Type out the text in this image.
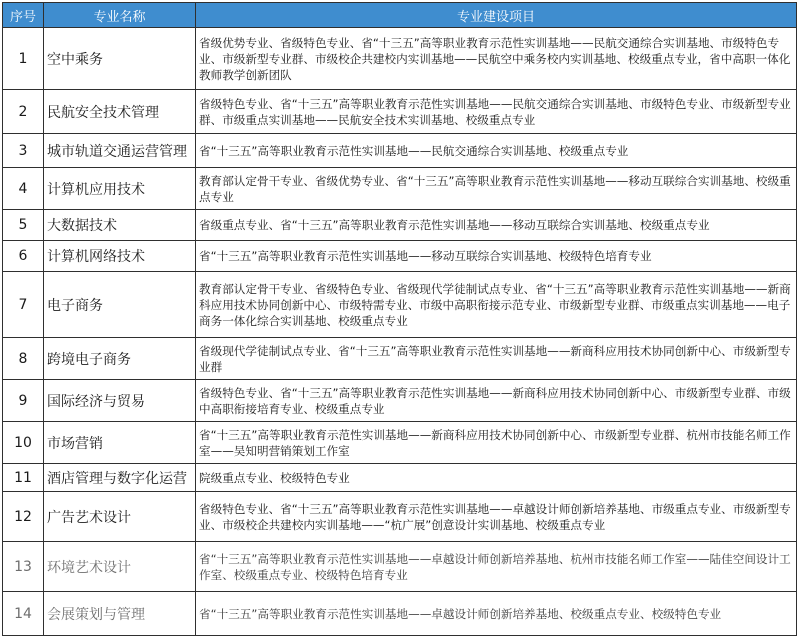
序号	专业名称	专业建设项目
1	空中乘务	省级优势专业、省级特色专业、省“十三五”高等职业教育示范性实训基地——民航交通综合实训基地、市级特色专业、市级新型专业群、市级校企共建校内实训基地——民航空中乘务校内实训基地、校级重点专业，省中高职一体化教师教学创新团队
2	民航安全技术管理	省级特色专业、省“十三五”高等职业教育示范性实训基地——民航交通综合实训基地、市级特色专业、市级新型专业群、市级重点实训基地——民航安全技术实训基地、校级重点专业
3	城市轨道交通运营管理	省“十三五”高等职业教育示范性实训基地——民航交通综合实训基地、校级重点专业
4	计算机应用技术	教育部认定骨干专业、省级优势专业、省“十三五”高等职业教育示范性实训基地——移动互联综合实训基地、校级重点专业
5	大数据技术	省级重点专业、省“十三五”高等职业教育示范性实训基地——移动互联综合实训基地、校级重点专业
6	计算机网络技术	省“十三五”高等职业教育示范性实训基地——移动互联综合实训基地、校级特色培育专业
7	电子商务	教育部认定骨干专业、省级特色专业、省级现代学徒制试点专业、省“十三五”高等职业教育示范性实训基地——新商科应用技术协同创新中心、市级特需专业、市级中高职衔接示范专业、市级新型专业群、市级重点实训基地——电子商务一体化综合实训基地、校级重点专业
8	跨境电子商务	省级现代学徒制试点专业、省“十三五”高等职业教育示范性实训基地——新商科应用技术协同创新中心、市级新型专业群
9	国际经济与贸易	省级特色专业、省“十三五”高等职业教育示范性实训基地——新商科应用技术协同创新中心、市级新型专业群、市级中高职衔接培育专业、校级重点专业
10	市场营销	省“十三五”高等职业教育示范性实训基地——新商科应用技术协同创新中心、市级新型专业群、杭州市技能名师工作室——吴知明营销策划工作室
11	酒店管理与数字化运营	院级重点专业、校级特色专业
12	广告艺术设计	省级特色专业、省“十三五”高等职业教育示范性实训基地——卓越设计师创新培养基地、市级重点专业、市级新型专业、市级校企共建校内实训基地——“杭广展”创意设计实训基地、校级重点专业
13	环境艺术设计	省“十三五”高等职业教育示范性实训基地——卓越设计师创新培养基地、杭州市技能名师工作室——陆佳空间设计工作室、校级重点专业、校级特色培育专业
14	会展策划与管理	省“十三五”高等职业教育示范性实训基地——卓越设计师创新培养基地、校级重点专业、校级特色专业
